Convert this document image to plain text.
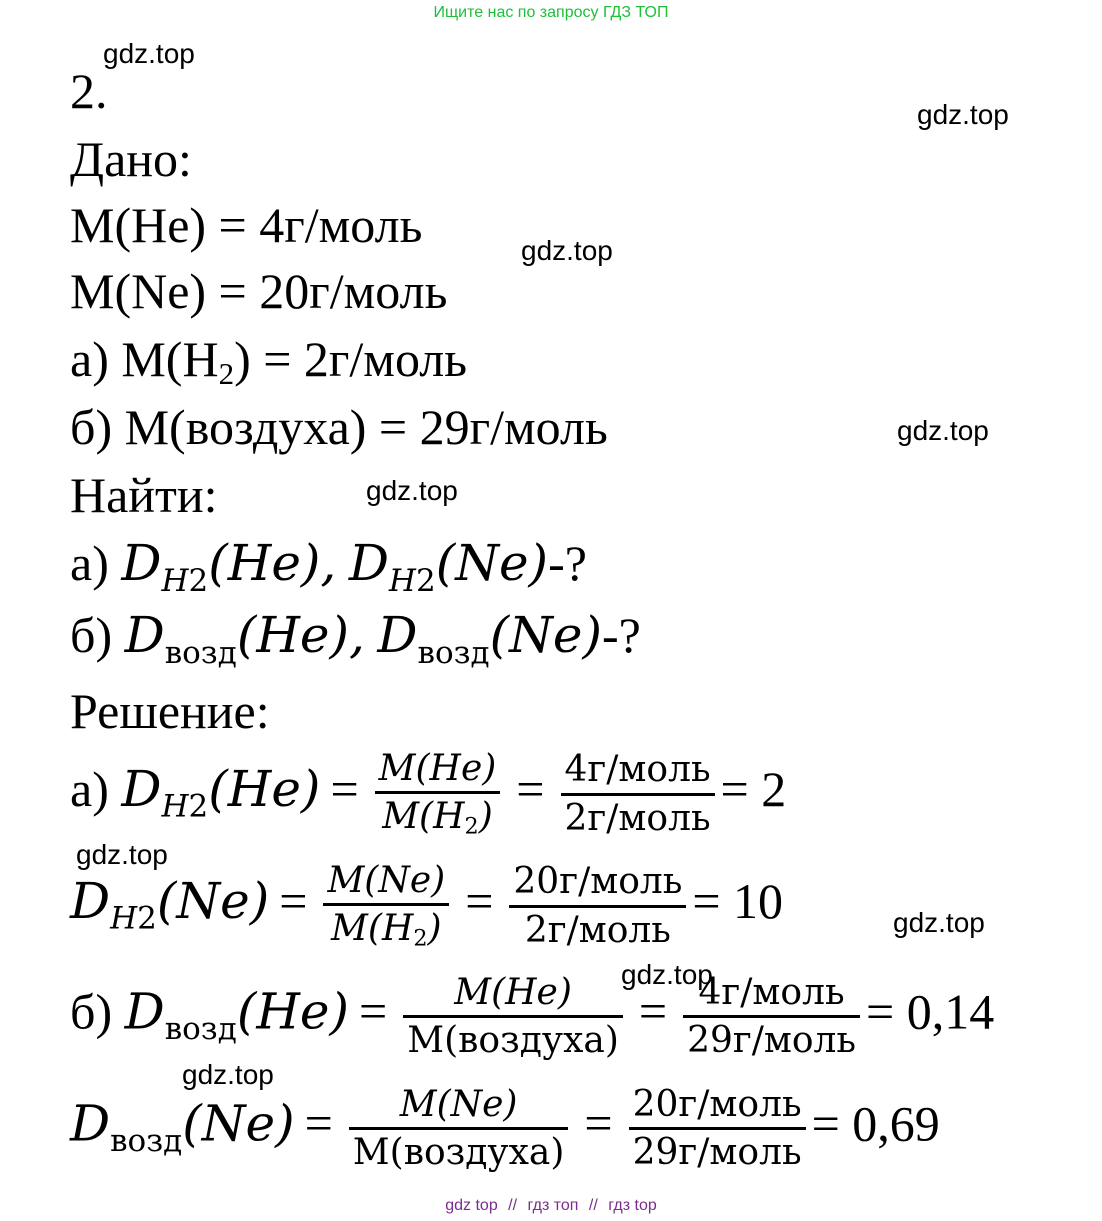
Ищите нас по запросу ГДЗ ТОП
gdz.top
gdz.top
gdz.top
gdz.top
gdz.top
gdz.top
gdz.top
gdz.top
gdz.top
2.
Дано:
M(He) = 4г/моль
M(Ne) = 20г/моль
а) M(H2) = 2г/моль
б) M(воздуха) = 29г/моль
Найти:
а) $D_{H2}(He)$, $D_{H2}(Ne)-$?
б) $D_{возд}(He)$, $D_{возд}(Ne)-$?
Решение:
а) $D_{H2}(He) = \frac{M(He)}{M(H2)} = \frac{\text{4г/моль}}{\text{2г/моль}} = 2$
$D_{H2}(Ne) = \frac{M(Ne)}{M(H2)} = \frac{\text{20г/моль}}{\text{2г/моль}} = 10$
б) $D_{возд}(He) = \frac{M(He)}{\text{M(воздуха)}} = \frac{\text{4г/моль}}{\text{29г/моль}} = 0,14$
$D_{возд}(Ne) = \frac{M(Ne)}{\text{M(воздуха)}} = \frac{\text{20г/моль}}{\text{29г/моль}} = 0,69$
gdz top // гдз топ // гдз top
